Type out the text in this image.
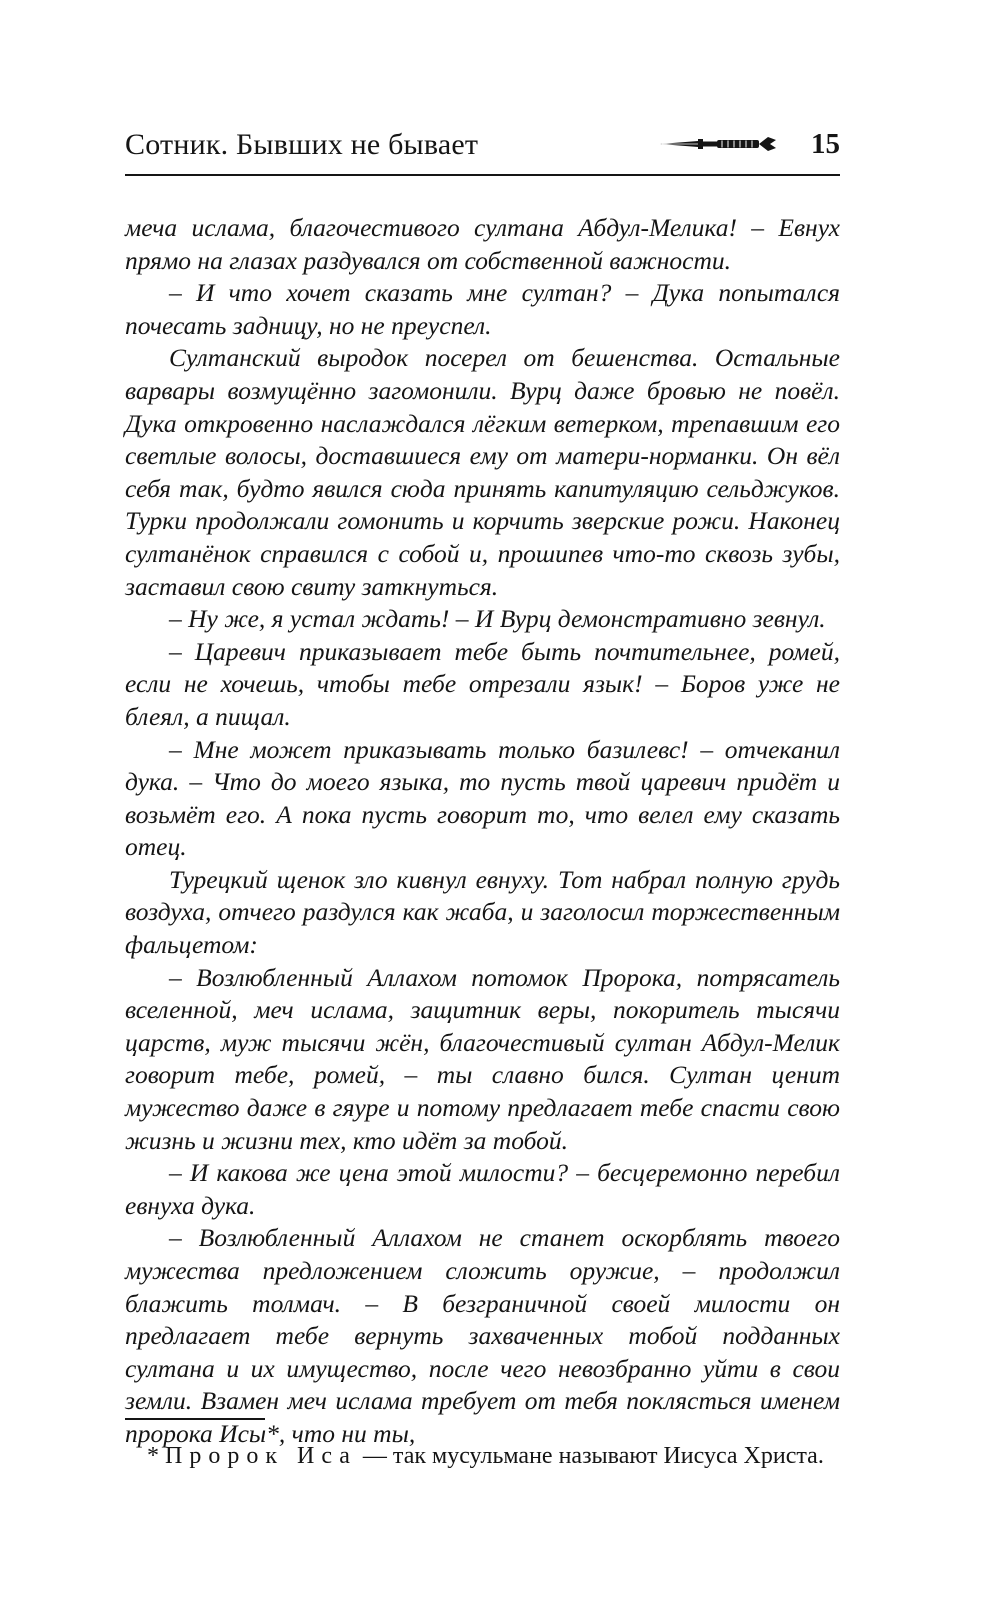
Сотник. Бывших не бывает	15

меча ислама, благочестивого султана Абдул-Мелика! – Евнух прямо на глазах раздувался от собственной важности.

– И что хочет сказать мне султан? – Дука попытался почесать задницу, но не преуспел.

Султанский выродок посерел от бешенства. Остальные варвары возмущённо загомонили. Вурц даже бровью не повёл. Дука откровенно наслаждался лёгким ветерком, трепавшим его светлые волосы, доставшиеся ему от матери-норманки. Он вёл себя так, будто явился сюда принять капитуляцию сельджуков. Турки продолжали гомонить и корчить зверские рожи. Наконец султанёнок справился с собой и, прошипев что-то сквозь зубы, заставил свою свиту заткнуться.

– Ну же, я устал ждать! – И Вурц демонстративно зевнул.

– Царевич приказывает тебе быть почтительнее, ромей, если не хочешь, чтобы тебе отрезали язык! – Боров уже не блеял, а пищал.

– Мне может приказывать только базилевс! – отчеканил дука. – Что до моего языка, то пусть твой царевич придёт и возьмёт его. А пока пусть говорит то, что велел ему сказать отец.

Турецкий щенок зло кивнул евнуху. Тот набрал полную грудь воздуха, отчего раздулся как жаба, и заголосил торжественным фальцетом:

– Возлюбленный Аллахом потомок Пророка, потрясатель вселенной, меч ислама, защитник веры, покоритель тысячи царств, муж тысячи жён, благочестивый султан Абдул-Мелик говорит тебе, ромей, – ты славно бился. Султан ценит мужество даже в гяуре и потому предлагает тебе спасти свою жизнь и жизни тех, кто идёт за тобой.

– И какова же цена этой милости? – бесцеремонно перебил евнуха дука.

– Возлюбленный Аллахом не станет оскорблять твоего мужества предложением сложить оружие, – продолжил блажить толмач. – В безграничной своей милости он предлагает тебе вернуть захваченных тобой подданных султана и их имущество, после чего невозбранно уйти в свои земли. Взамен меч ислама требует от тебя поклясться именем пророка Исы*, что ни ты,

* Пророк Иса — так мусульмане называют Иисуса Христа.
